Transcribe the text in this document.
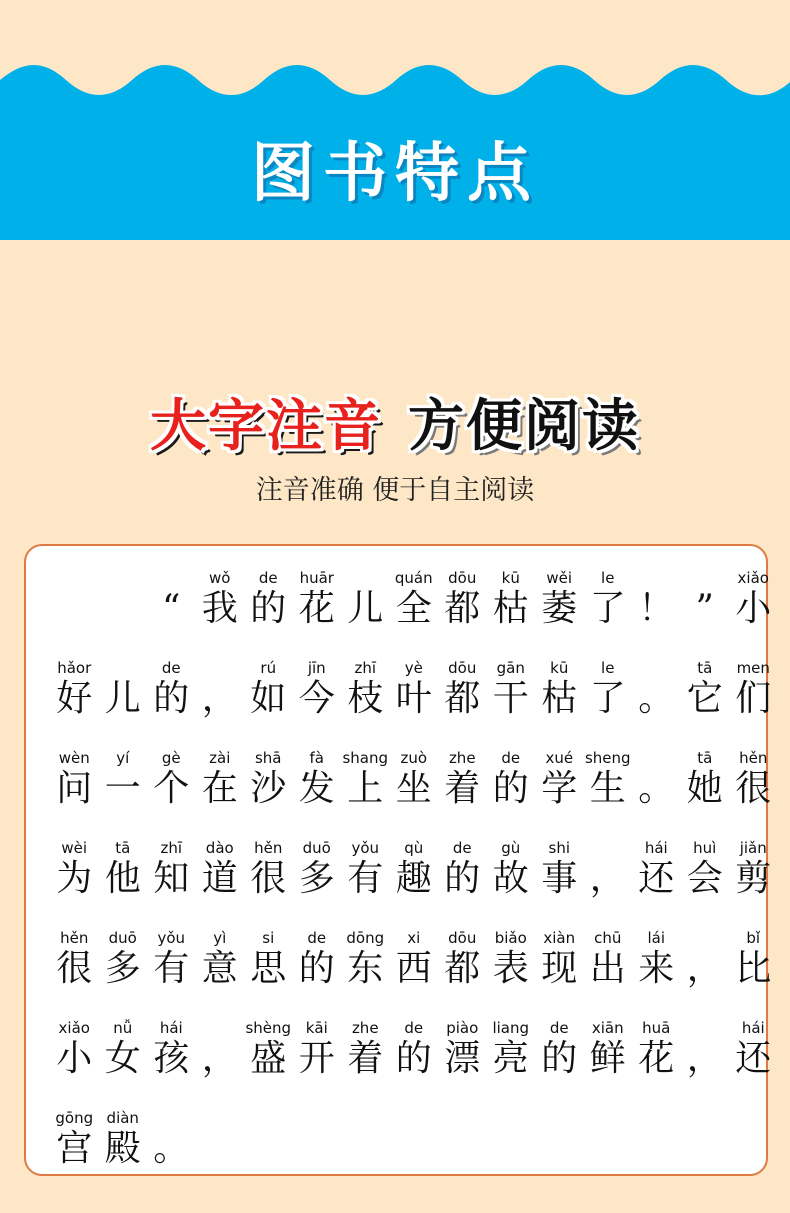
图书特点
大字注音 方便阅读
注音准确 便于自主阅读
“
wǒ
我
de
的
huār
花 儿
quán
全
dōu
都
kū
枯
wěi
萎
le
了 ！ ”
xiǎo
小
hǎor
好 儿
de
的 ，
rú
如
jīn
今
zhī
枝
yè
叶
dōu
都
gān
干
kū
枯
le
了 。
tā
它
men
们
wèn
问
yí
一
gè
个
zài
在
shā
沙
fà
发
shang
上
zuò
坐
zhe
着
de
的
xué
学
sheng
生 。
tā
她
hěn
很
wèi
为
tā
他
zhī
知
dào
道
hěn
很
duō
多
yǒu
有
qù
趣
de
的
gù
故
shi
事 ，
hái
还
huì
会
jiǎn
剪
hěn
很
duō
多
yǒu
有
yì
意
si
思
de
的
dōng
东
xi
西
dōu
都
biǎo
表
xiàn
现
chū
出
lái
来 ，
bǐ
比
xiǎo
小
nǚ
女
hái
孩 ，
shèng
盛
kāi
开
zhe
着
de
的
piào
漂
liang
亮
de
的
xiān
鲜
huā
花 ，
hái
还
gōng
宫
diàn
殿 。
